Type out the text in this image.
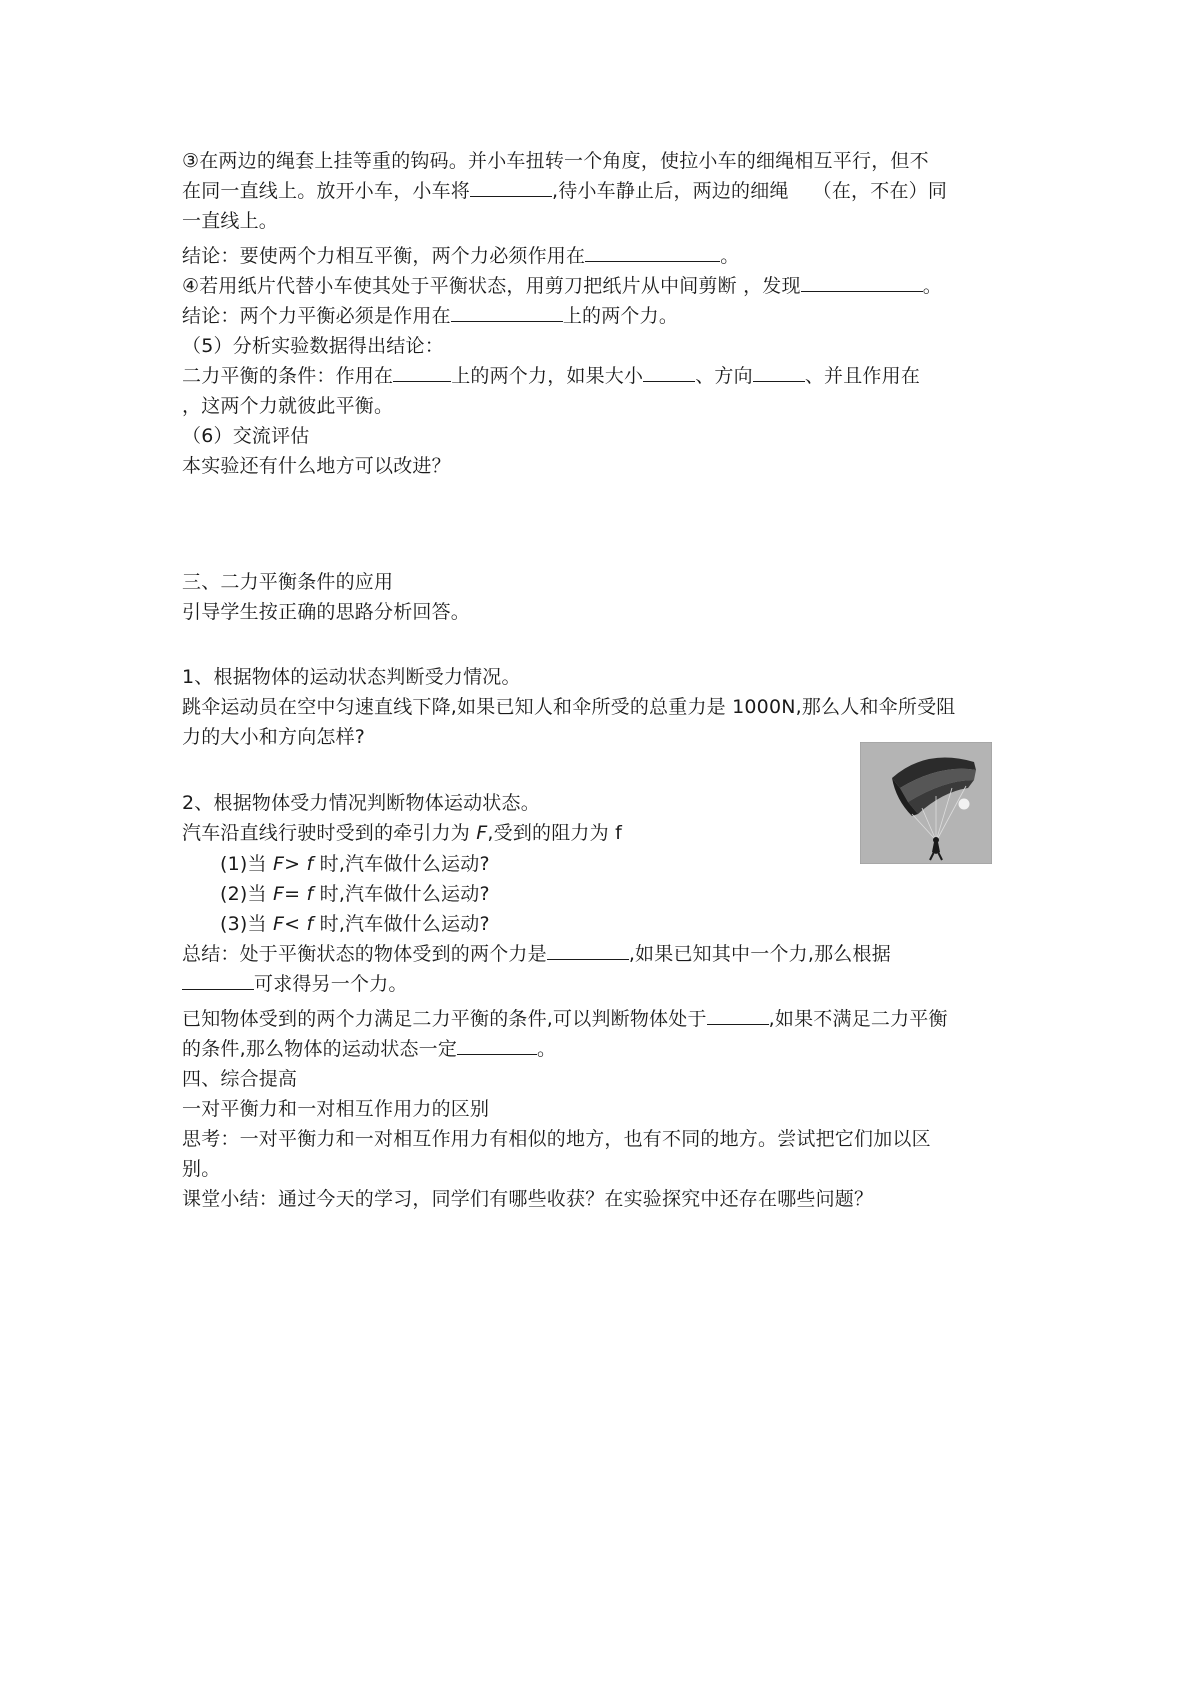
③在两边的绳套上挂等重的钩码。并小车扭转一个角度，使拉小车的细绳相互平行，但不
在同一直线上。放开小车，小车将	,待小车静止后，两边的细绳 （在，不在）同
一直线上。
结论：要使两个力相互平衡，两个力必须作用在	。
④若用纸片代替小车使其处于平衡状态，用剪刀把纸片从中间剪断 ，发现	。
结论：两个力平衡必须是作用在	上的两个力。
（5）分析实验数据得出结论：
二力平衡的条件：作用在	上的两个力，如果大小	、方向	、并且作用在
，这两个力就彼此平衡。
（6）交流评估
本实验还有什么地方可以改进？
三、二力平衡条件的应用
引导学生按正确的思路分析回答。
1、根据物体的运动状态判断受力情况。
跳伞运动员在空中匀速直线下降,如果已知人和伞所受的总重力是 1000N,那么人和伞所受阻
力的大小和方向怎样?
2、根据物体受力情况判断物体运动状态。
汽车沿直线行驶时受到的牵引力为 F,受到的阻力为 f
(1)当 F> f 时,汽车做什么运动?
(2)当 F= f 时,汽车做什么运动?
(3)当 F< f 时,汽车做什么运动?
总结：处于平衡状态的物体受到的两个力是	,如果已知其中一个力,那么根据
可求得另一个力。
已知物体受到的两个力满足二力平衡的条件,可以判断物体处于	,如果不满足二力平衡
的条件,那么物体的运动状态一定	。
四、综合提高
一对平衡力和一对相互作用力的区别
思考：一对平衡力和一对相互作用力有相似的地方，也有不同的地方。尝试把它们加以区
别。
课堂小结：通过今天的学习，同学们有哪些收获？在实验探究中还存在哪些问题？
